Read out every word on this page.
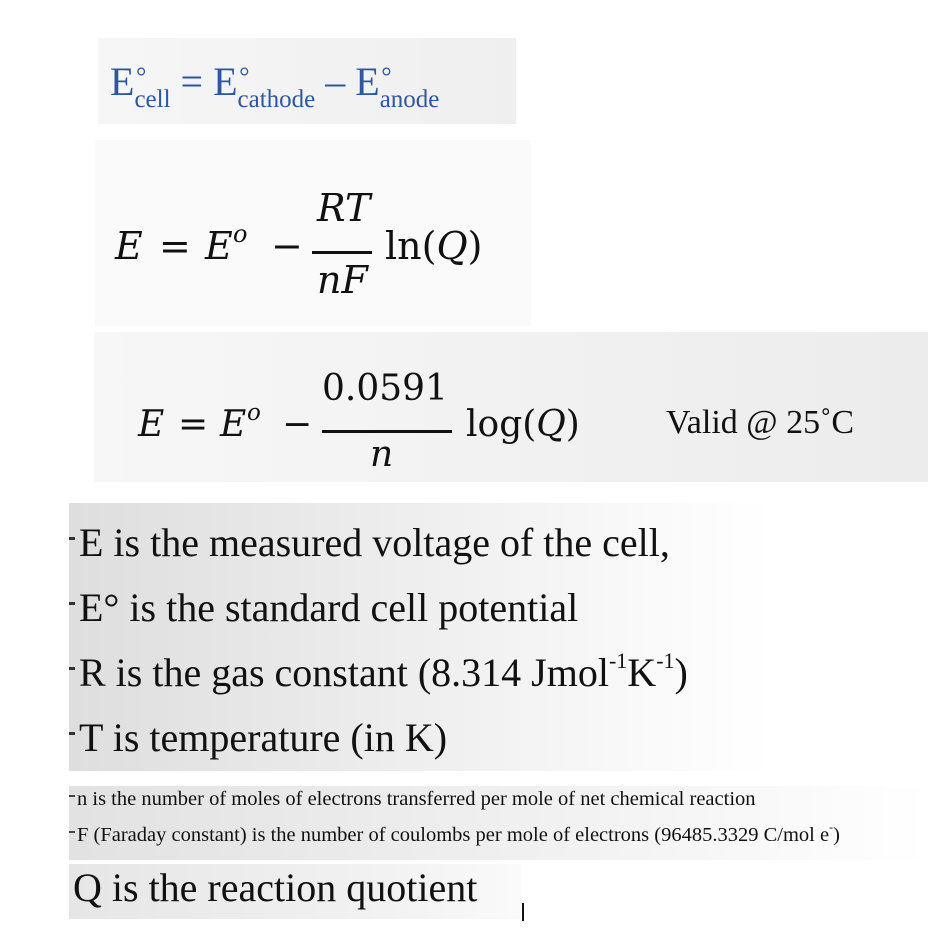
E °
$_{cell}$ = E °
$_{cathode}$ – E °
$_{anode}$
E = E o −
RT
nF
ln(Q)
E = E o −
0.0591
n
log(Q)	Valid @ 25˚C
E is the measured voltage of the cell,
E° is the standard cell potential
R is the gas constant (8.314 $Jmol^{-1}K^{-1}$)
T is temperature (in K)
n is the number of moles of electrons transferred per mole of net chemical reaction
F (Faraday constant) is the number of coulombs per mole of electrons (96485.3329 C/mol e-)
Q is the reaction quotient
